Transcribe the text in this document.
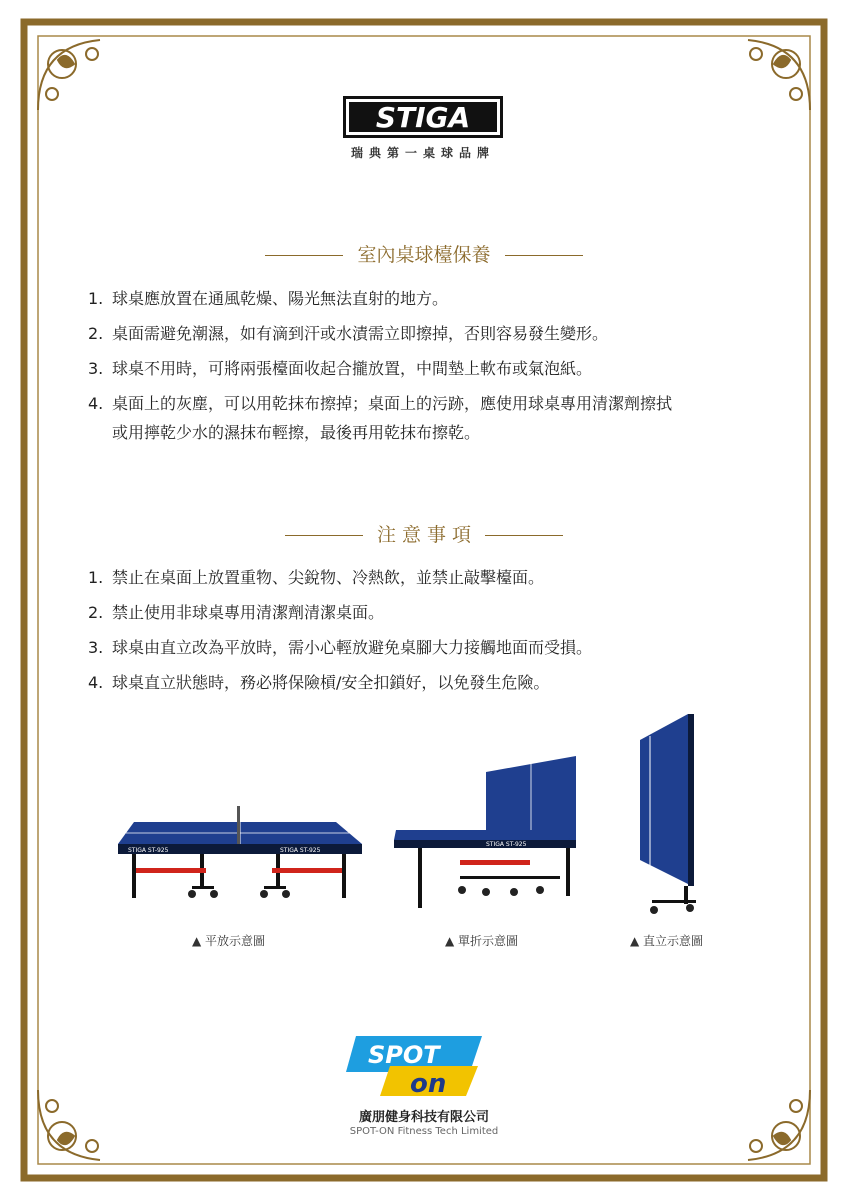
STIGA
瑞典第一桌球品牌
室內桌球檯保養
1. 球桌應放置在通風乾燥、陽光無法直射的地方。
2. 桌面需避免潮濕，如有滴到汗或水漬需立即擦掉，否則容易發生變形。
3. 球桌不用時，可將兩張檯面收起合攏放置，中間墊上軟布或氣泡紙。
4. 桌面上的灰塵，可以用乾抹布擦掉；桌面上的污跡，應使用球桌專用清潔劑擦拭
或用擰乾少水的濕抹布輕擦，最後再用乾抹布擦乾。
注 意 事 項
1. 禁止在桌面上放置重物、尖銳物、冷熱飲，並禁止敲擊檯面。
2. 禁止使用非球桌專用清潔劑清潔桌面。
3. 球桌由直立改為平放時，需小心輕放避免桌腳大力接觸地面而受損。
4. 球桌直立狀態時，務必將保險槓/安全扣鎖好，以免發生危險。
STIGA ST-925	STIGA ST-925
▲ 平放示意圖
STIGA ST-925
▲ 單折示意圖	▲ 直立示意圖
SPOT
on
廣朋健身科技有限公司
SPOT-ON Fitness Tech Limited
